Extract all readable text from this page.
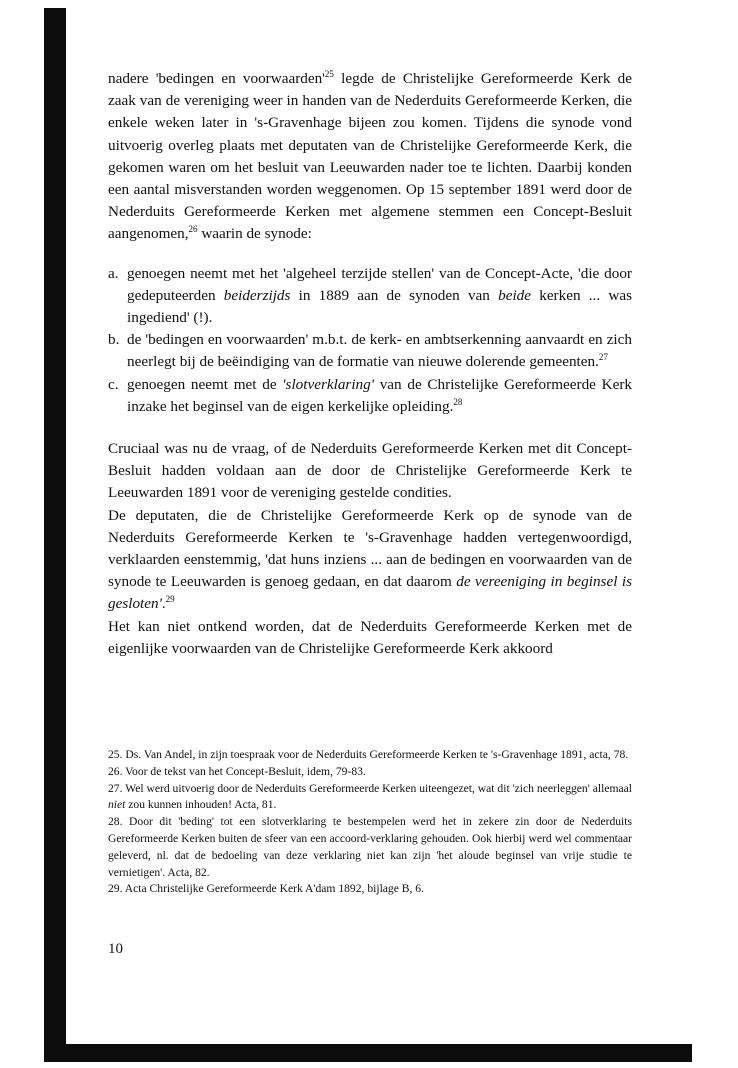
nadere 'bedingen en $voorwaarden'^{25}$ legde de Christelijke Gereformeerde Kerk de zaak van de vereniging weer in handen van de Nederduits Gereformeerde Kerken, die enkele weken later in 's-Gravenhage bijeen zou komen. Tijdens die synode vond uitvoerig overleg plaats met deputaten van de Christelijke Gereformeerde Kerk, die gekomen waren om het besluit van Leeuwarden nader toe te lichten. Daarbij konden een aantal misverstanden worden weggenomen. Op 15 september 1891 werd door de Nederduits Gereformeerde Kerken met algemene stemmen een Concept-Besluit aangenomen,$^{26}$ waarin de synode:

a. genoegen neemt met het 'algeheel terzijde stellen' van de Concept-Acte, 'die door gedeputeerden beiderzijds in 1889 aan de synoden van beide kerken ... was ingediend' (!).
b. de 'bedingen en voorwaarden' m.b.t. de kerk- en ambtserkenning aanvaardt en zich neerlegt bij de beëindiging van de formatie van nieuwe dolerende gemeenten.$^{27}$
c. genoegen neemt met de 'slotverklaring' van de Christelijke Gereformeerde Kerk inzake het beginsel van de eigen kerkelijke opleiding.$^{28}$

Cruciaal was nu de vraag, of de Nederduits Gereformeerde Kerken met dit Concept-Besluit hadden voldaan aan de door de Christelijke Gereformeerde Kerk te Leeuwarden 1891 voor de vereniging gestelde condities.

De deputaten, die de Christelijke Gereformeerde Kerk op de synode van de Nederduits Gereformeerde Kerken te 's-Gravenhage hadden vertegenwoordigd, verklaarden eenstemmig, 'dat huns inziens ... aan de bedingen en voorwaarden van de synode te Leeuwarden is genoeg gedaan, en dat daarom de vereeniging in beginsel is gesloten'.$^{29}$

Het kan niet ontkend worden, dat de Nederduits Gereformeerde Kerken met de eigenlijke voorwaarden van de Christelijke Gereformeerde Kerk akkoord

25. Ds. Van Andel, in zijn toespraak voor de Nederduits Gereformeerde Kerken te 's-Gravenhage 1891, acta, 78.

26. Voor de tekst van het Concept-Besluit, idem, 79-83.

27. Wel werd uitvoerig door de Nederduits Gereformeerde Kerken uiteengezet, wat dit 'zich neerleggen' allemaal niet zou kunnen inhouden! Acta, 81.

28. Door dit 'beding' tot een slotverklaring te bestempelen werd het in zekere zin door de Nederduits Gereformeerde Kerken buiten de sfeer van een accoord-verklaring gehouden. Ook hierbij werd wel commentaar geleverd, nl. dat de bedoeling van deze verklaring niet kan zijn 'het aloude beginsel van vrije studie te vernietigen'. Acta, 82.

29. Acta Christelijke Gereformeerde Kerk A'dam 1892, bijlage B, 6.

10
